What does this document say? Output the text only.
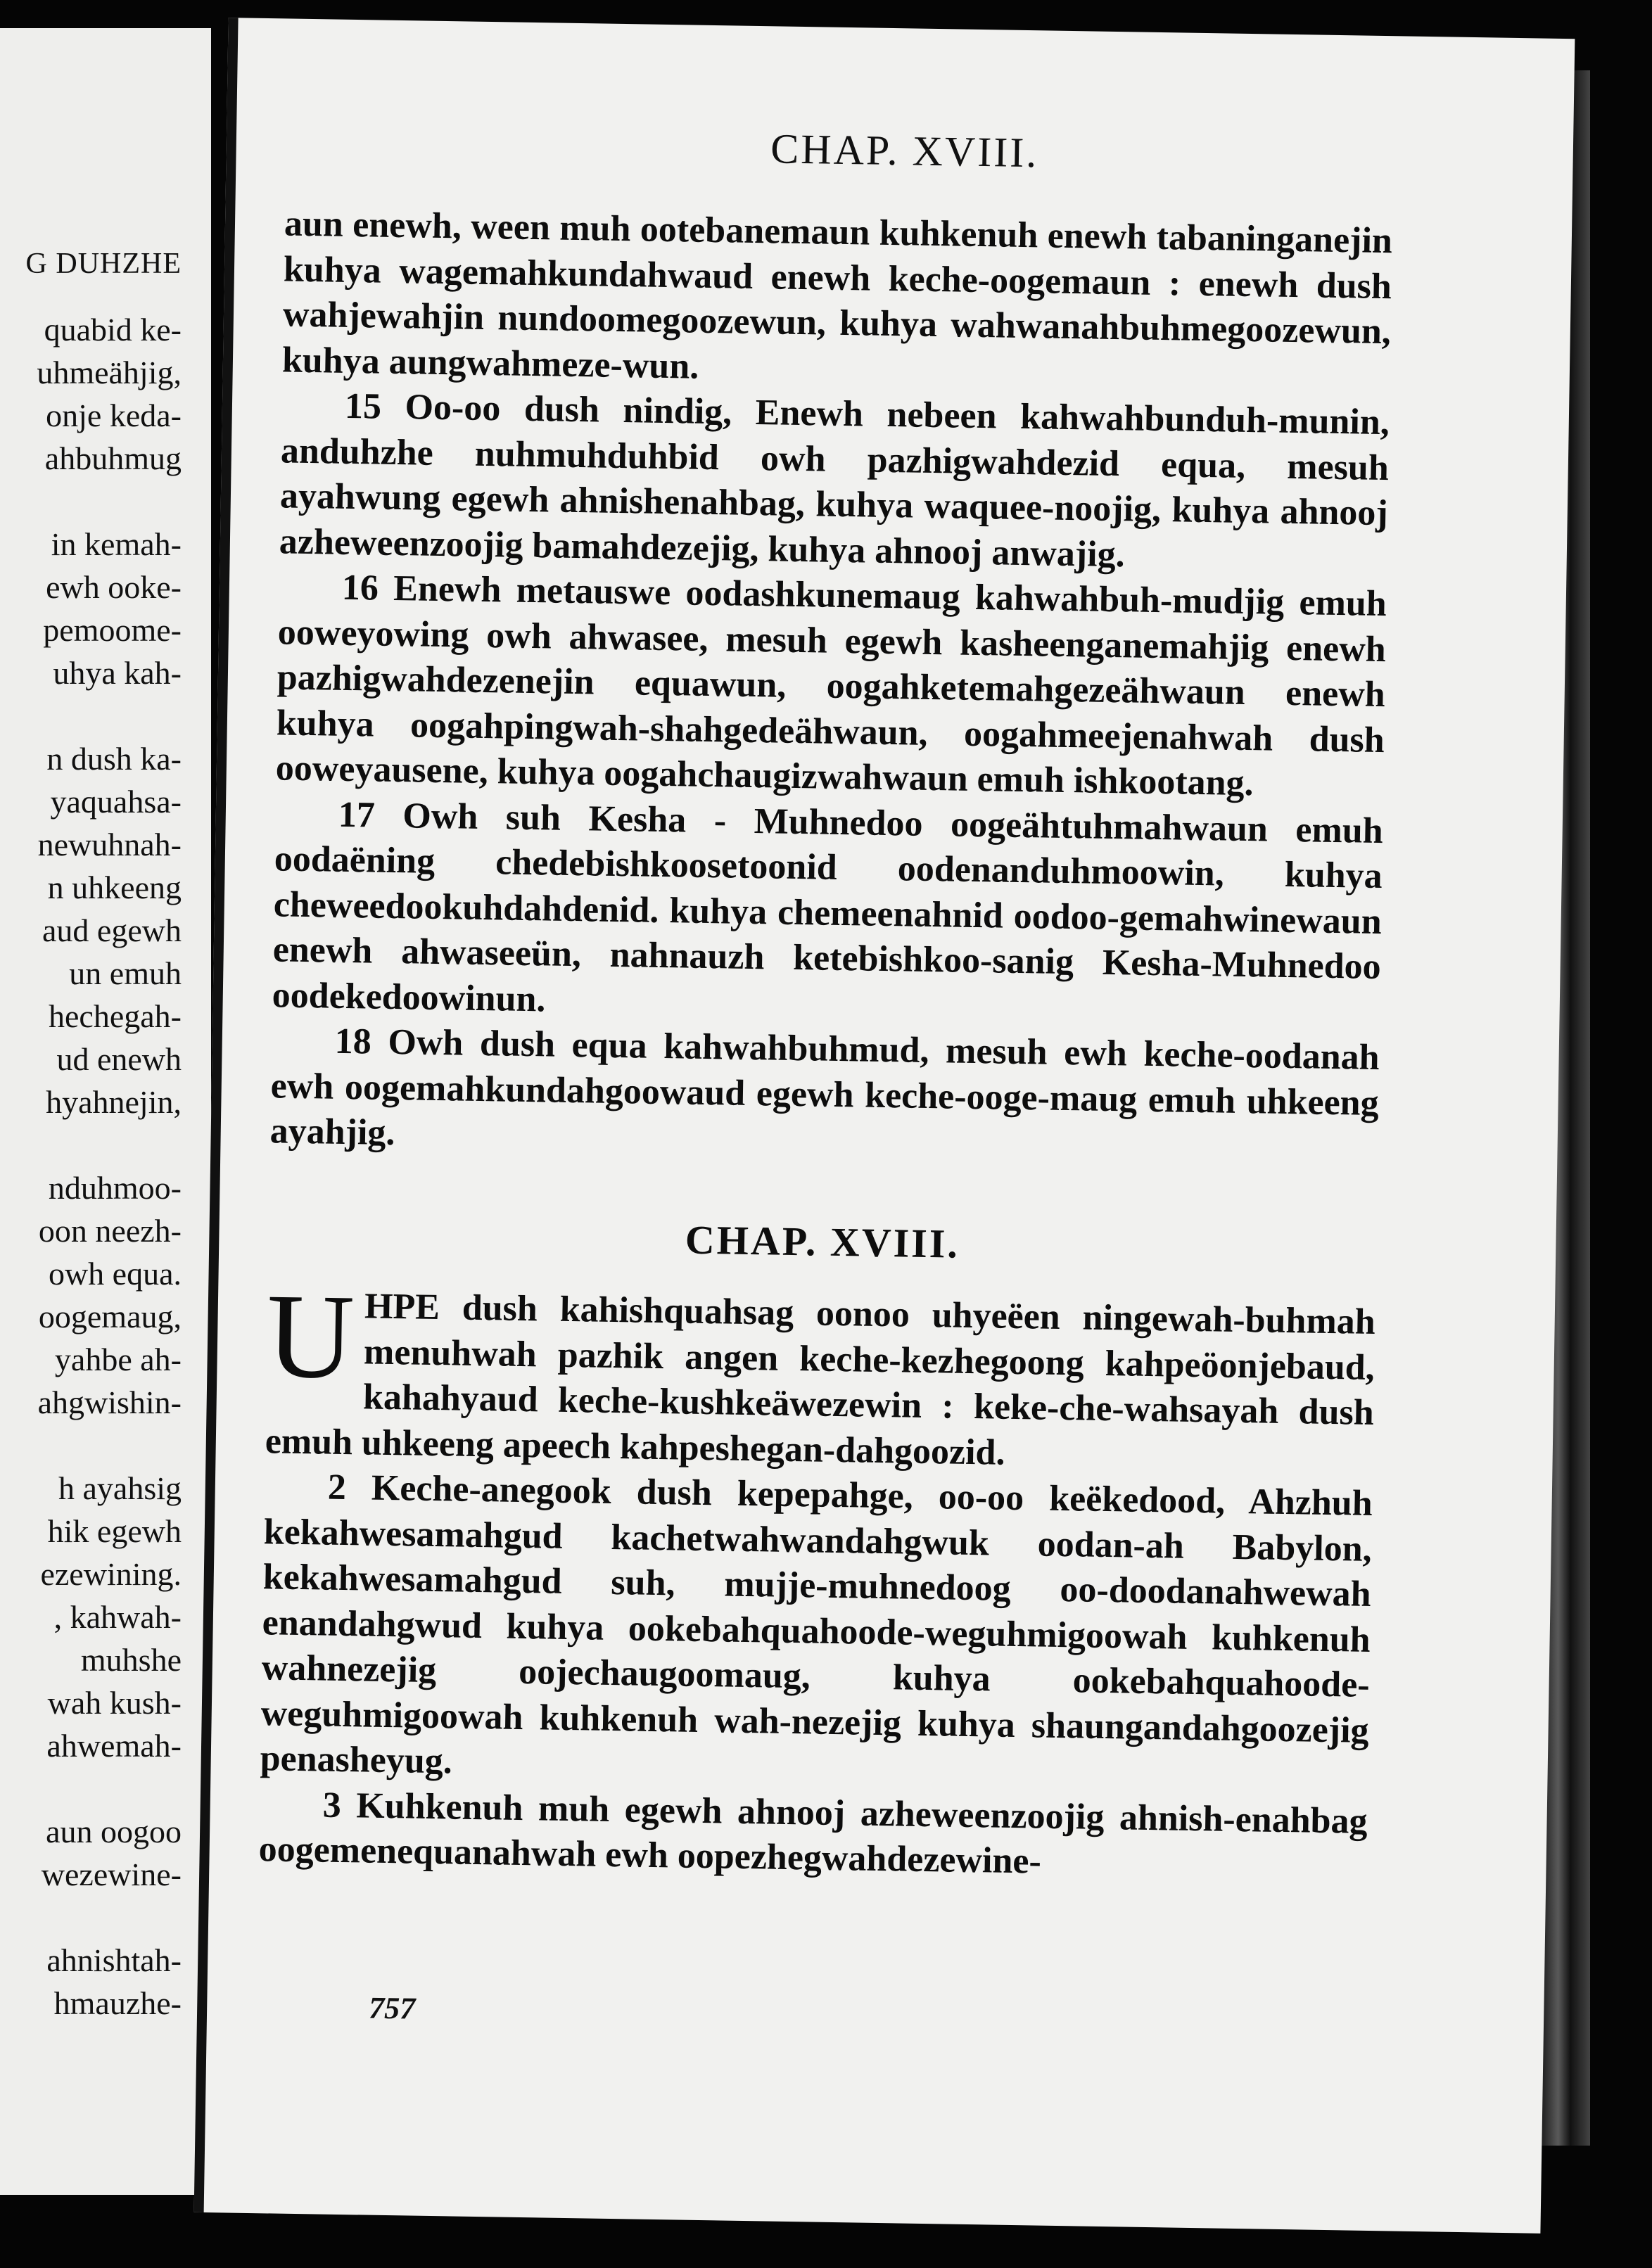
G DUHZHE
quabid ke-
uhmeähjig,
onje keda-
ahbuhmug

in kemah-
ewh ooke-
pemoome-
uhya kah-

n dush ka-
yaquahsa-
newuhnah-
n uhkeeng
aud egewh
un emuh
hechegah-
ud enewh
hyahnejin,

nduhmoo-
oon neezh-
owh equa.
oogemaug,
yahbe ah-
ahgwishin-

h ayahsig
hik egewh
ezewining.
, kahwah-
muhshe
wah kush-
ahwemah-

aun oogoo
wezewine-

ahnishtah-
hmauzhe-
CHAP. XVIII.

aun enewh, ween muh ootebanemaun kuhkenuh enewh tabaninganejin kuhya wagemahkundahwaud enewh keche-oogemaun : enewh dush wahjewahjin nundoomegoozewun, kuhya wahwanahbuhmegoozewun, kuhya aungwahmeze-wun.

15 Oo-oo dush nindig, Enewh nebeen kahwahbunduh-munin, anduhzhe nuhmuhduhbid owh pazhigwahdezid equa, mesuh ayahwung egewh ahnishenahbag, kuhya waquee-noojig, kuhya ahnooj azheweenzoojig bamahdezejig, kuhya ahnooj anwajig.

16 Enewh metauswe oodashkunemaug kahwahbuh-mudjig emuh ooweyowing owh ahwasee, mesuh egewh kasheenganemahjig enewh pazhigwahdezenejin equawun, oogahketemahgezeähwaun enewh kuhya oogahpingwah-shahgedeähwaun, oogahmeejenahwah dush ooweyausene, kuhya oogahchaugizwahwaun emuh ishkootang.

17 Owh suh Kesha - Muhnedoo oogeähtuhmahwaun emuh oodaëning chedebishkoosetoonid oodenanduhmoowin, kuhya cheweedookuhdahdenid. kuhya chemeenahnid oodoo-gemahwinewaun enewh ahwaseeün, nahnauzh ketebishkoo-sanig Kesha-Muhnedoo oodekedoowinun.

18 Owh dush equa kahwahbuhmud, mesuh ewh keche-oodanah ewh oogemahkundahgoowaud egewh keche-ooge-maug emuh uhkeeng ayahjig.

CHAP. XVIII.

UHPE dush kahishquahsag oonoo uhyeëen ningewah-buhmah menuhwah pazhik angen keche-kezhegoong kahpeöonjebaud, kahahyaud keche-kushkeäwezewin : keke-che-wahsayah dush emuh uhkeeng apeech kahpeshegan-dahgoozid.

2 Keche-anegook dush kepepahge, oo-oo keëkedood, Ahzhuh kekahwesamahgud kachetwahwandahgwuk oodan-ah Babylon, kekahwesamahgud suh, mujje-muhnedoog oo-doodanahwewah enandahgwud kuhya ookebahquahoode-weguhmigoowah kuhkenuh wahnezejig oojechaugoomaug, kuhya ookebahquahoode-weguhmigoowah kuhkenuh wah-nezejig kuhya shaungandahgoozejig penasheyug.

3 Kuhkenuh muh egewh ahnooj azheweenzoojig ahnish-enahbag oogemenequanahwah ewh oopezhegwahdezewine-

757
